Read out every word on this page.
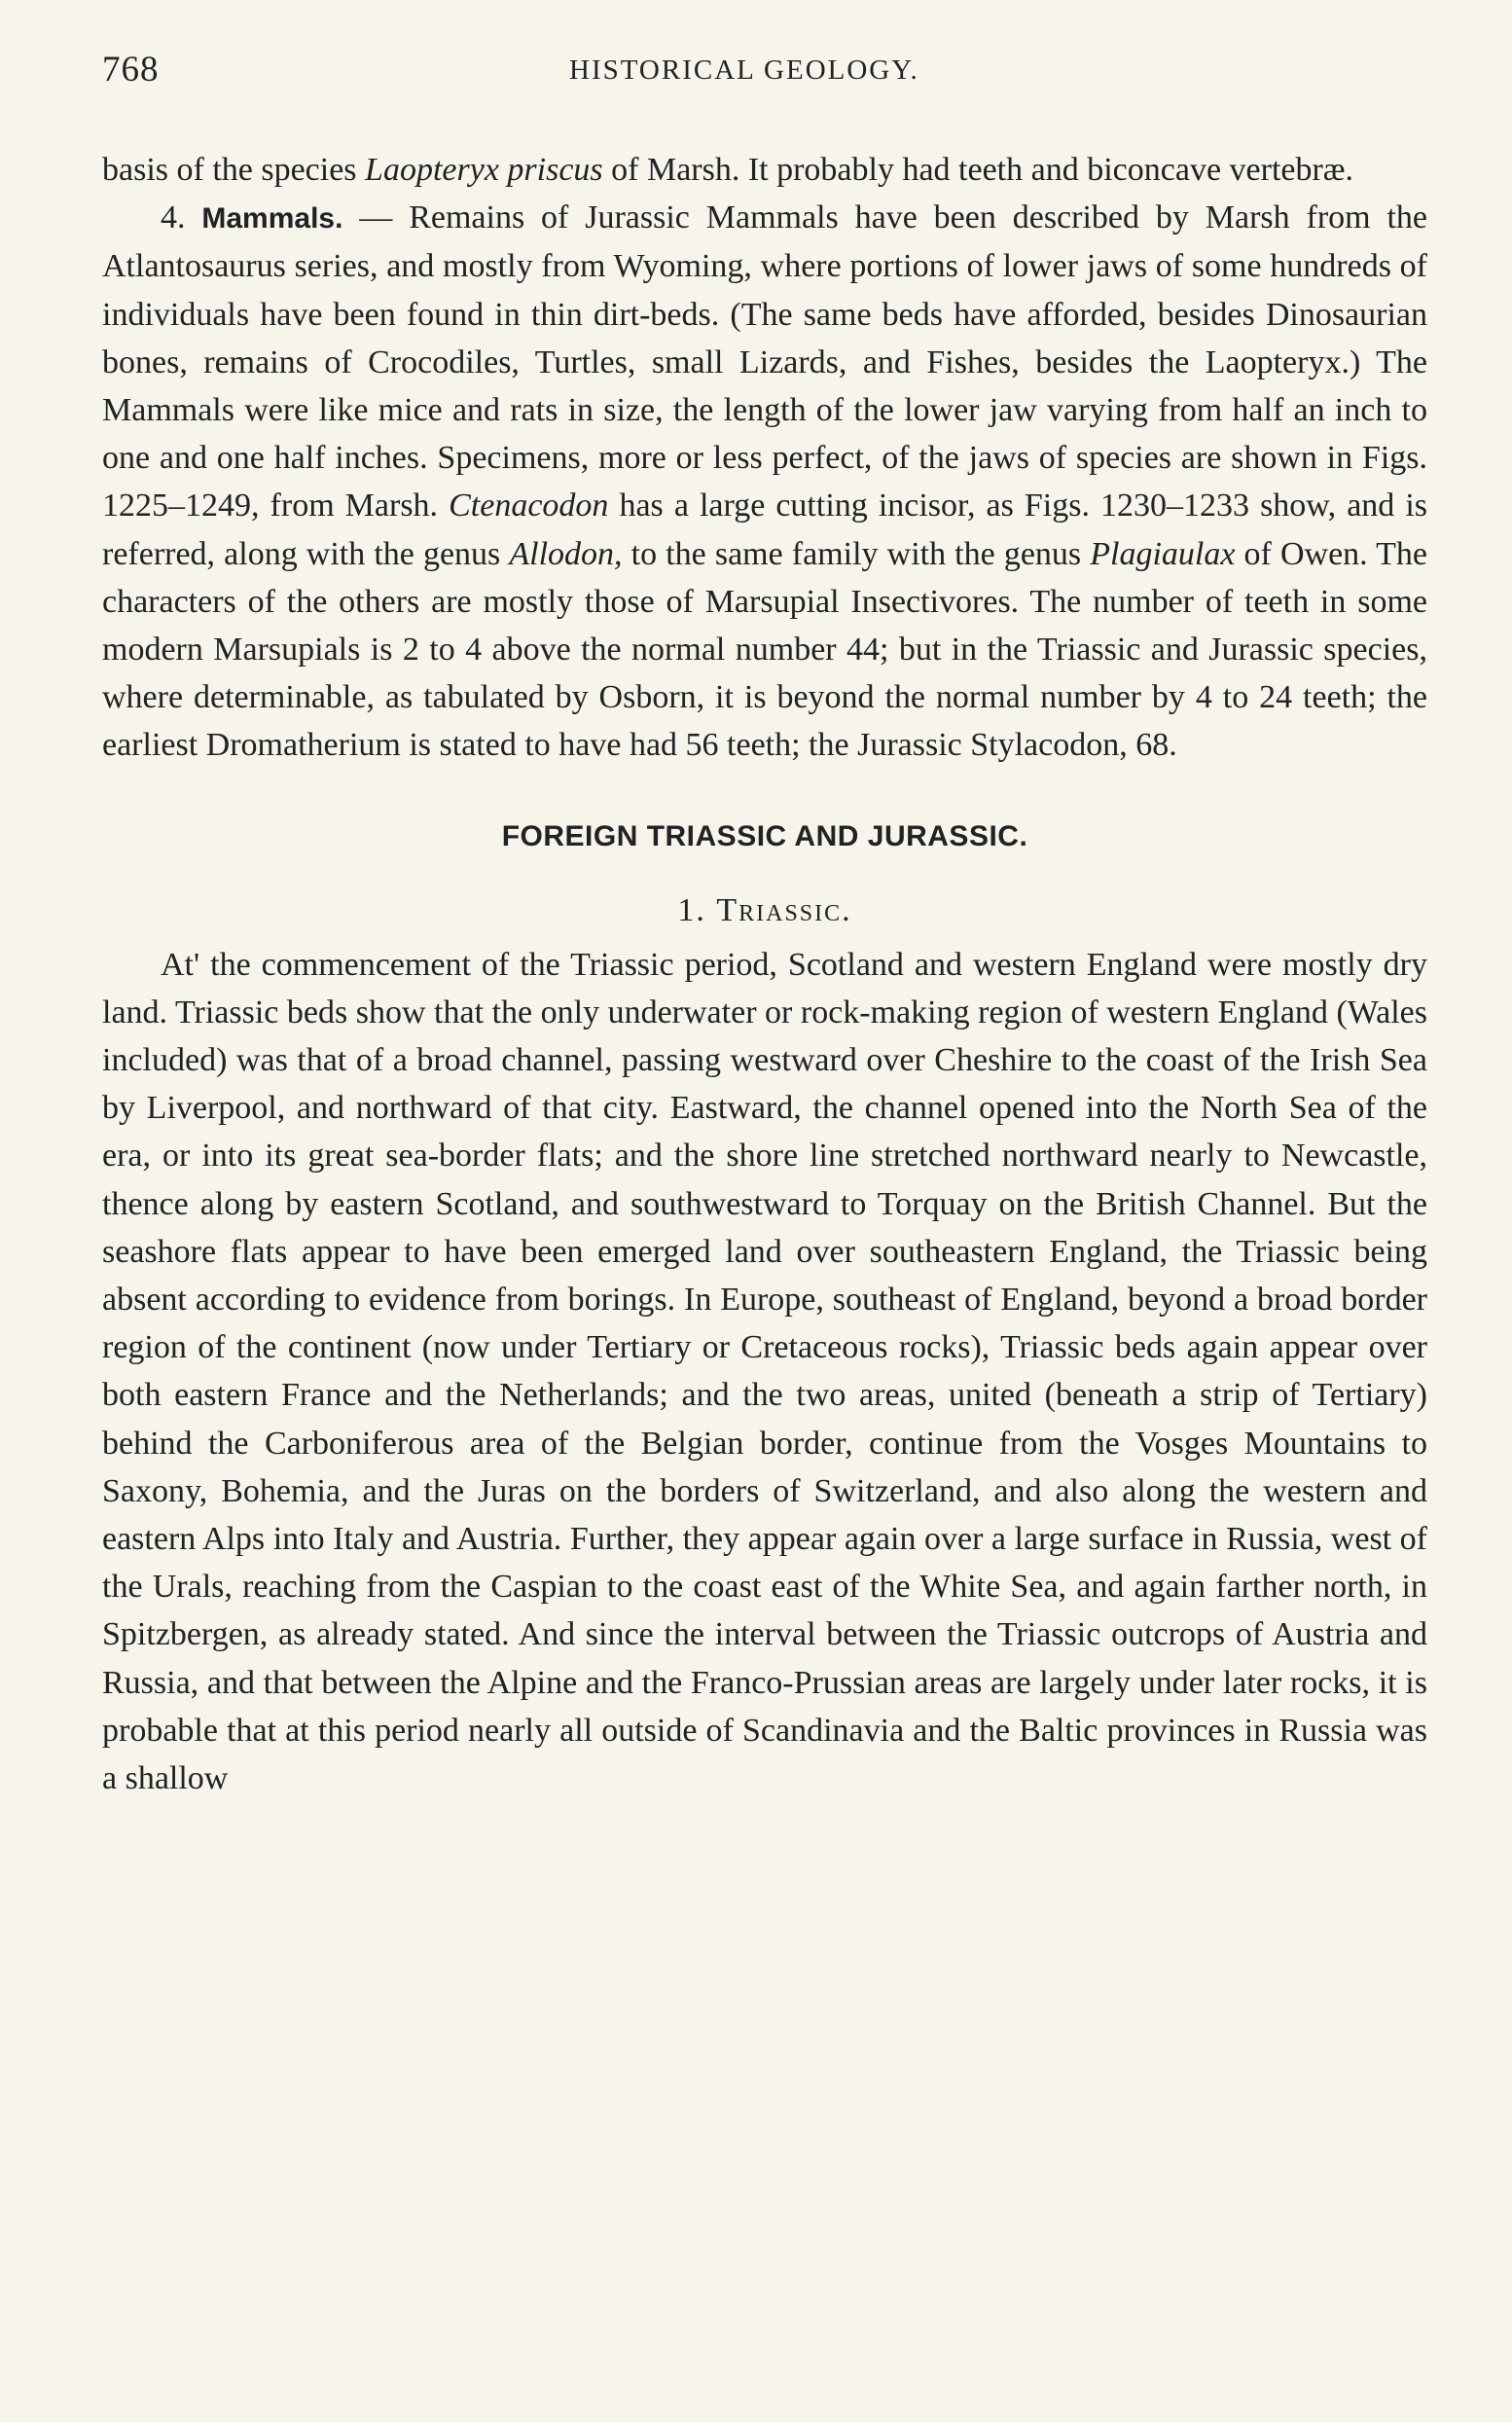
768	HISTORICAL GEOLOGY.

basis of the species Laopteryx priscus of Marsh. It probably had teeth and biconcave vertebræ.

4. Mammals. — Remains of Jurassic Mammals have been described by Marsh from the Atlantosaurus series, and mostly from Wyoming, where portions of lower jaws of some hundreds of individuals have been found in thin dirt-beds. (The same beds have afforded, besides Dinosaurian bones, remains of Crocodiles, Turtles, small Lizards, and Fishes, besides the Laopteryx.) The Mammals were like mice and rats in size, the length of the lower jaw varying from half an inch to one and one half inches. Specimens, more or less perfect, of the jaws of species are shown in Figs. 1225–1249, from Marsh. Ctenacodon has a large cutting incisor, as Figs. 1230–1233 show, and is referred, along with the genus Allodon, to the same family with the genus Plagiaulax of Owen. The characters of the others are mostly those of Marsupial Insectivores. The number of teeth in some modern Marsupials is 2 to 4 above the normal number 44; but in the Triassic and Jurassic species, where determinable, as tabulated by Osborn, it is beyond the normal number by 4 to 24 teeth; the earliest Dromatherium is stated to have had 56 teeth; the Jurassic Stylacodon, 68.

FOREIGN TRIASSIC AND JURASSIC.
1. Triassic.

At' the commencement of the Triassic period, Scotland and western England were mostly dry land. Triassic beds show that the only underwater or rock-making region of western England (Wales included) was that of a broad channel, passing westward over Cheshire to the coast of the Irish Sea by Liverpool, and northward of that city. Eastward, the channel opened into the North Sea of the era, or into its great sea-border flats; and the shore line stretched northward nearly to Newcastle, thence along by eastern Scotland, and southwestward to Torquay on the British Channel. But the seashore flats appear to have been emerged land over southeastern England, the Triassic being absent according to evidence from borings. In Europe, southeast of England, beyond a broad border region of the continent (now under Tertiary or Cretaceous rocks), Triassic beds again appear over both eastern France and the Netherlands; and the two areas, united (beneath a strip of Tertiary) behind the Carboniferous area of the Belgian border, continue from the Vosges Mountains to Saxony, Bohemia, and the Juras on the borders of Switzerland, and also along the western and eastern Alps into Italy and Austria. Further, they appear again over a large surface in Russia, west of the Urals, reaching from the Caspian to the coast east of the White Sea, and again farther north, in Spitzbergen, as already stated. And since the interval between the Triassic outcrops of Austria and Russia, and that between the Alpine and the Franco-Prussian areas are largely under later rocks, it is probable that at this period nearly all outside of Scandinavia and the Baltic provinces in Russia was a shallow
